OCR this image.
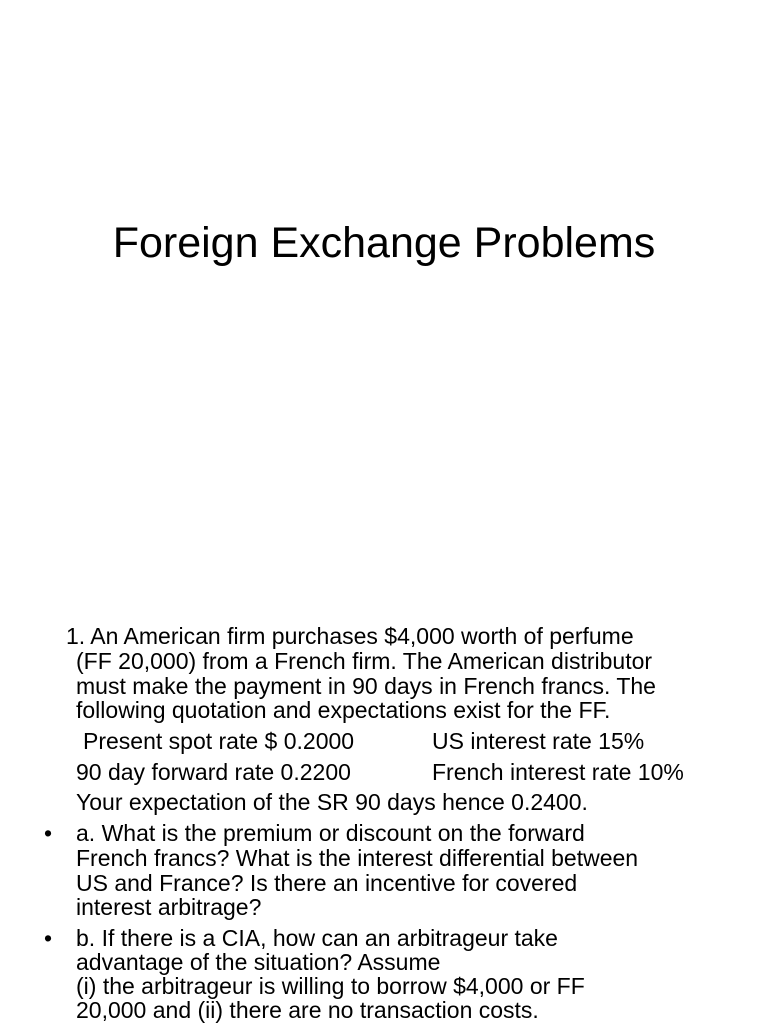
Foreign Exchange Problems

1. An American firm purchases $4,000 worth of perfume

(FF 20,000) from a French firm. The American distributor

must make the payment in 90 days in French francs. The

following quotation and expectations exist for the FF.

Present spot rate $ 0.2000	US interest rate 15%

90 day forward rate 0.2200	French interest rate 10%

Your expectation of the SR 90 days hence 0.2400.

• a. What is the premium or discount on the forward

French francs? What is the interest differential between

US and France? Is there an incentive for covered

interest arbitrage?

• b. If there is a CIA, how can an arbitrageur take

advantage of the situation? Assume

(i) the arbitrageur is willing to borrow $4,000 or FF

20,000 and (ii) there are no transaction costs.
